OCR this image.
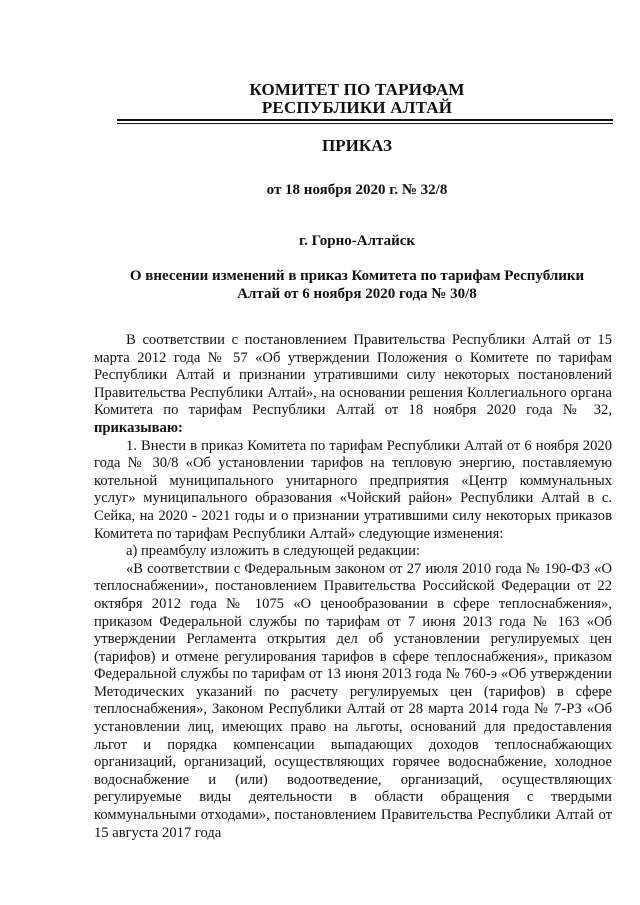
КОМИТЕТ ПО ТАРИФАМ
РЕСПУБЛИКИ АЛТАЙ
ПРИКАЗ
от 18 ноября 2020 г. № 32/8
г. Горно-Алтайск
О внесении изменений в приказ Комитета по тарифам Республики
Алтай от 6 ноября 2020 года № 30/8

В соответствии с постановлением Правительства Республики Алтай от 15 марта 2012 года № 57 «Об утверждении Положения о Комитете по тарифам Республики Алтай и признании утратившими силу некоторых постановлений Правительства Республики Алтай», на основании решения Коллегиального органа Комитета по тарифам Республики Алтай от 18 ноября 2020 года № 32, приказываю:

1. Внести в приказ Комитета по тарифам Республики Алтай от 6 ноября 2020 года № 30/8 «Об установлении тарифов на тепловую энергию, поставляемую котельной муниципального унитарного предприятия «Центр коммунальных услуг» муниципального образования «Чойский район» Республики Алтай в с. Сейка, на 2020 - 2021 годы и о признании утратившими силу некоторых приказов Комитета по тарифам Республики Алтай» следующие изменения:

а) преамбулу изложить в следующей редакции:

«В соответствии с Федеральным законом от 27 июля 2010 года № 190-ФЗ «О теплоснабжении», постановлением Правительства Российской Федерации от 22 октября 2012 года № 1075 «О ценообразовании в сфере теплоснабжения», приказом Федеральной службы по тарифам от 7 июня 2013 года № 163 «Об утверждении Регламента открытия дел об установлении регулируемых цен (тарифов) и отмене регулирования тарифов в сфере теплоснабжения», приказом Федеральной службы по тарифам от 13 июня 2013 года № 760-э «Об утверждении Методических указаний по расчету регулируемых цен (тарифов) в сфере теплоснабжения», Законом Республики Алтай от 28 марта 2014 года № 7-РЗ «Об установлении лиц, имеющих право на льготы, оснований для предоставления льгот и порядка компенсации выпадающих доходов теплоснабжающих организаций, организаций, осуществляющих горячее водоснабжение, холодное водоснабжение и (или) водоотведение, организаций, осуществляющих регулируемые виды деятельности в области обращения с твердыми коммунальными отходами», постановлением Правительства Республики Алтай от 15 августа 2017 года
